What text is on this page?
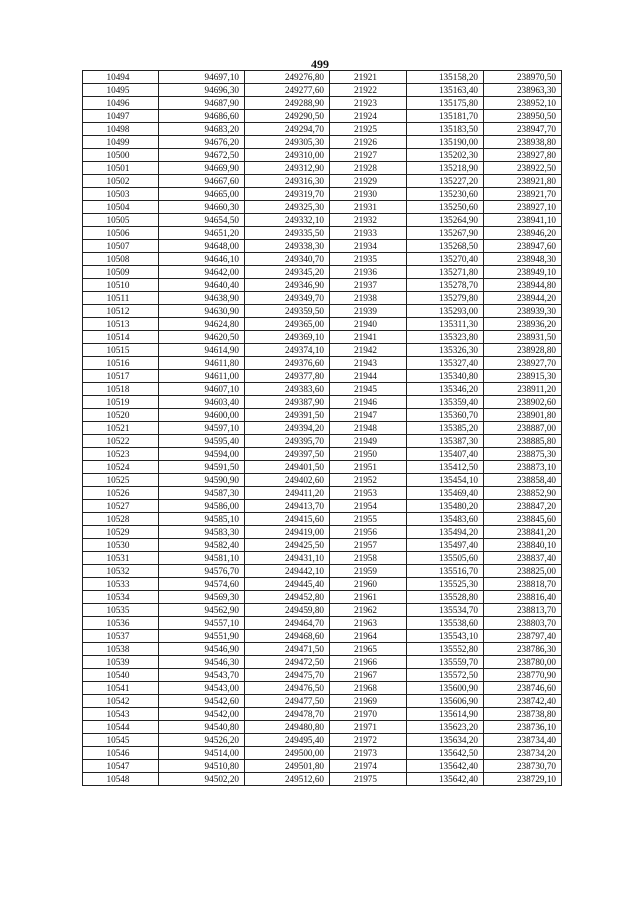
499
10494	94697,10	249276,80	21921	135158,20	238970,50
10495	94696,30	249277,60	21922	135163,40	238963,30
10496	94687,90	249288,90	21923	135175,80	238952,10
10497	94686,60	249290,50	21924	135181,70	238950,50
10498	94683,20	249294,70	21925	135183,50	238947,70
10499	94676,20	249305,30	21926	135190,00	238938,80
10500	94672,50	249310,00	21927	135202,30	238927,80
10501	94669,90	249312,90	21928	135218,90	238922,50
10502	94667,60	249316,30	21929	135227,20	238921,80
10503	94665,00	249319,70	21930	135230,60	238921,70
10504	94660,30	249325,30	21931	135250,60	238927,10
10505	94654,50	249332,10	21932	135264,90	238941,10
10506	94651,20	249335,50	21933	135267,90	238946,20
10507	94648,00	249338,30	21934	135268,50	238947,60
10508	94646,10	249340,70	21935	135270,40	238948,30
10509	94642,00	249345,20	21936	135271,80	238949,10
10510	94640,40	249346,90	21937	135278,70	238944,80
10511	94638,90	249349,70	21938	135279,80	238944,20
10512	94630,90	249359,50	21939	135293,00	238939,30
10513	94624,80	249365,00	21940	135311,30	238936,20
10514	94620,50	249369,10	21941	135323,80	238931,50
10515	94614,90	249374,10	21942	135326,30	238928,80
10516	94611,80	249376,60	21943	135327,40	238927,70
10517	94611,00	249377,80	21944	135340,80	238915,30
10518	94607,10	249383,60	21945	135346,20	238911,20
10519	94603,40	249387,90	21946	135359,40	238902,60
10520	94600,00	249391,50	21947	135360,70	238901,80
10521	94597,10	249394,20	21948	135385,20	238887,00
10522	94595,40	249395,70	21949	135387,30	238885,80
10523	94594,00	249397,50	21950	135407,40	238875,30
10524	94591,50	249401,50	21951	135412,50	238873,10
10525	94590,90	249402,60	21952	135454,10	238858,40
10526	94587,30	249411,20	21953	135469,40	238852,90
10527	94586,00	249413,70	21954	135480,20	238847,20
10528	94585,10	249415,60	21955	135483,60	238845,60
10529	94583,30	249419,00	21956	135494,20	238841,20
10530	94582,40	249425,50	21957	135497,40	238840,10
10531	94581,10	249431,10	21958	135505,60	238837,40
10532	94576,70	249442,10	21959	135516,70	238825,00
10533	94574,60	249445,40	21960	135525,30	238818,70
10534	94569,30	249452,80	21961	135528,80	238816,40
10535	94562,90	249459,80	21962	135534,70	238813,70
10536	94557,10	249464,70	21963	135538,60	238803,70
10537	94551,90	249468,60	21964	135543,10	238797,40
10538	94546,90	249471,50	21965	135552,80	238786,30
10539	94546,30	249472,50	21966	135559,70	238780,00
10540	94543,70	249475,70	21967	135572,50	238770,90
10541	94543,00	249476,50	21968	135600,90	238746,60
10542	94542,60	249477,50	21969	135606,90	238742,40
10543	94542,00	249478,70	21970	135614,90	238738,80
10544	94540,80	249480,80	21971	135623,20	238736,10
10545	94526,20	249495,40	21972	135634,20	238734,40
10546	94514,00	249500,00	21973	135642,50	238734,20
10547	94510,80	249501,80	21974	135642,40	238730,70
10548	94502,20	249512,60	21975	135642,40	238729,10
